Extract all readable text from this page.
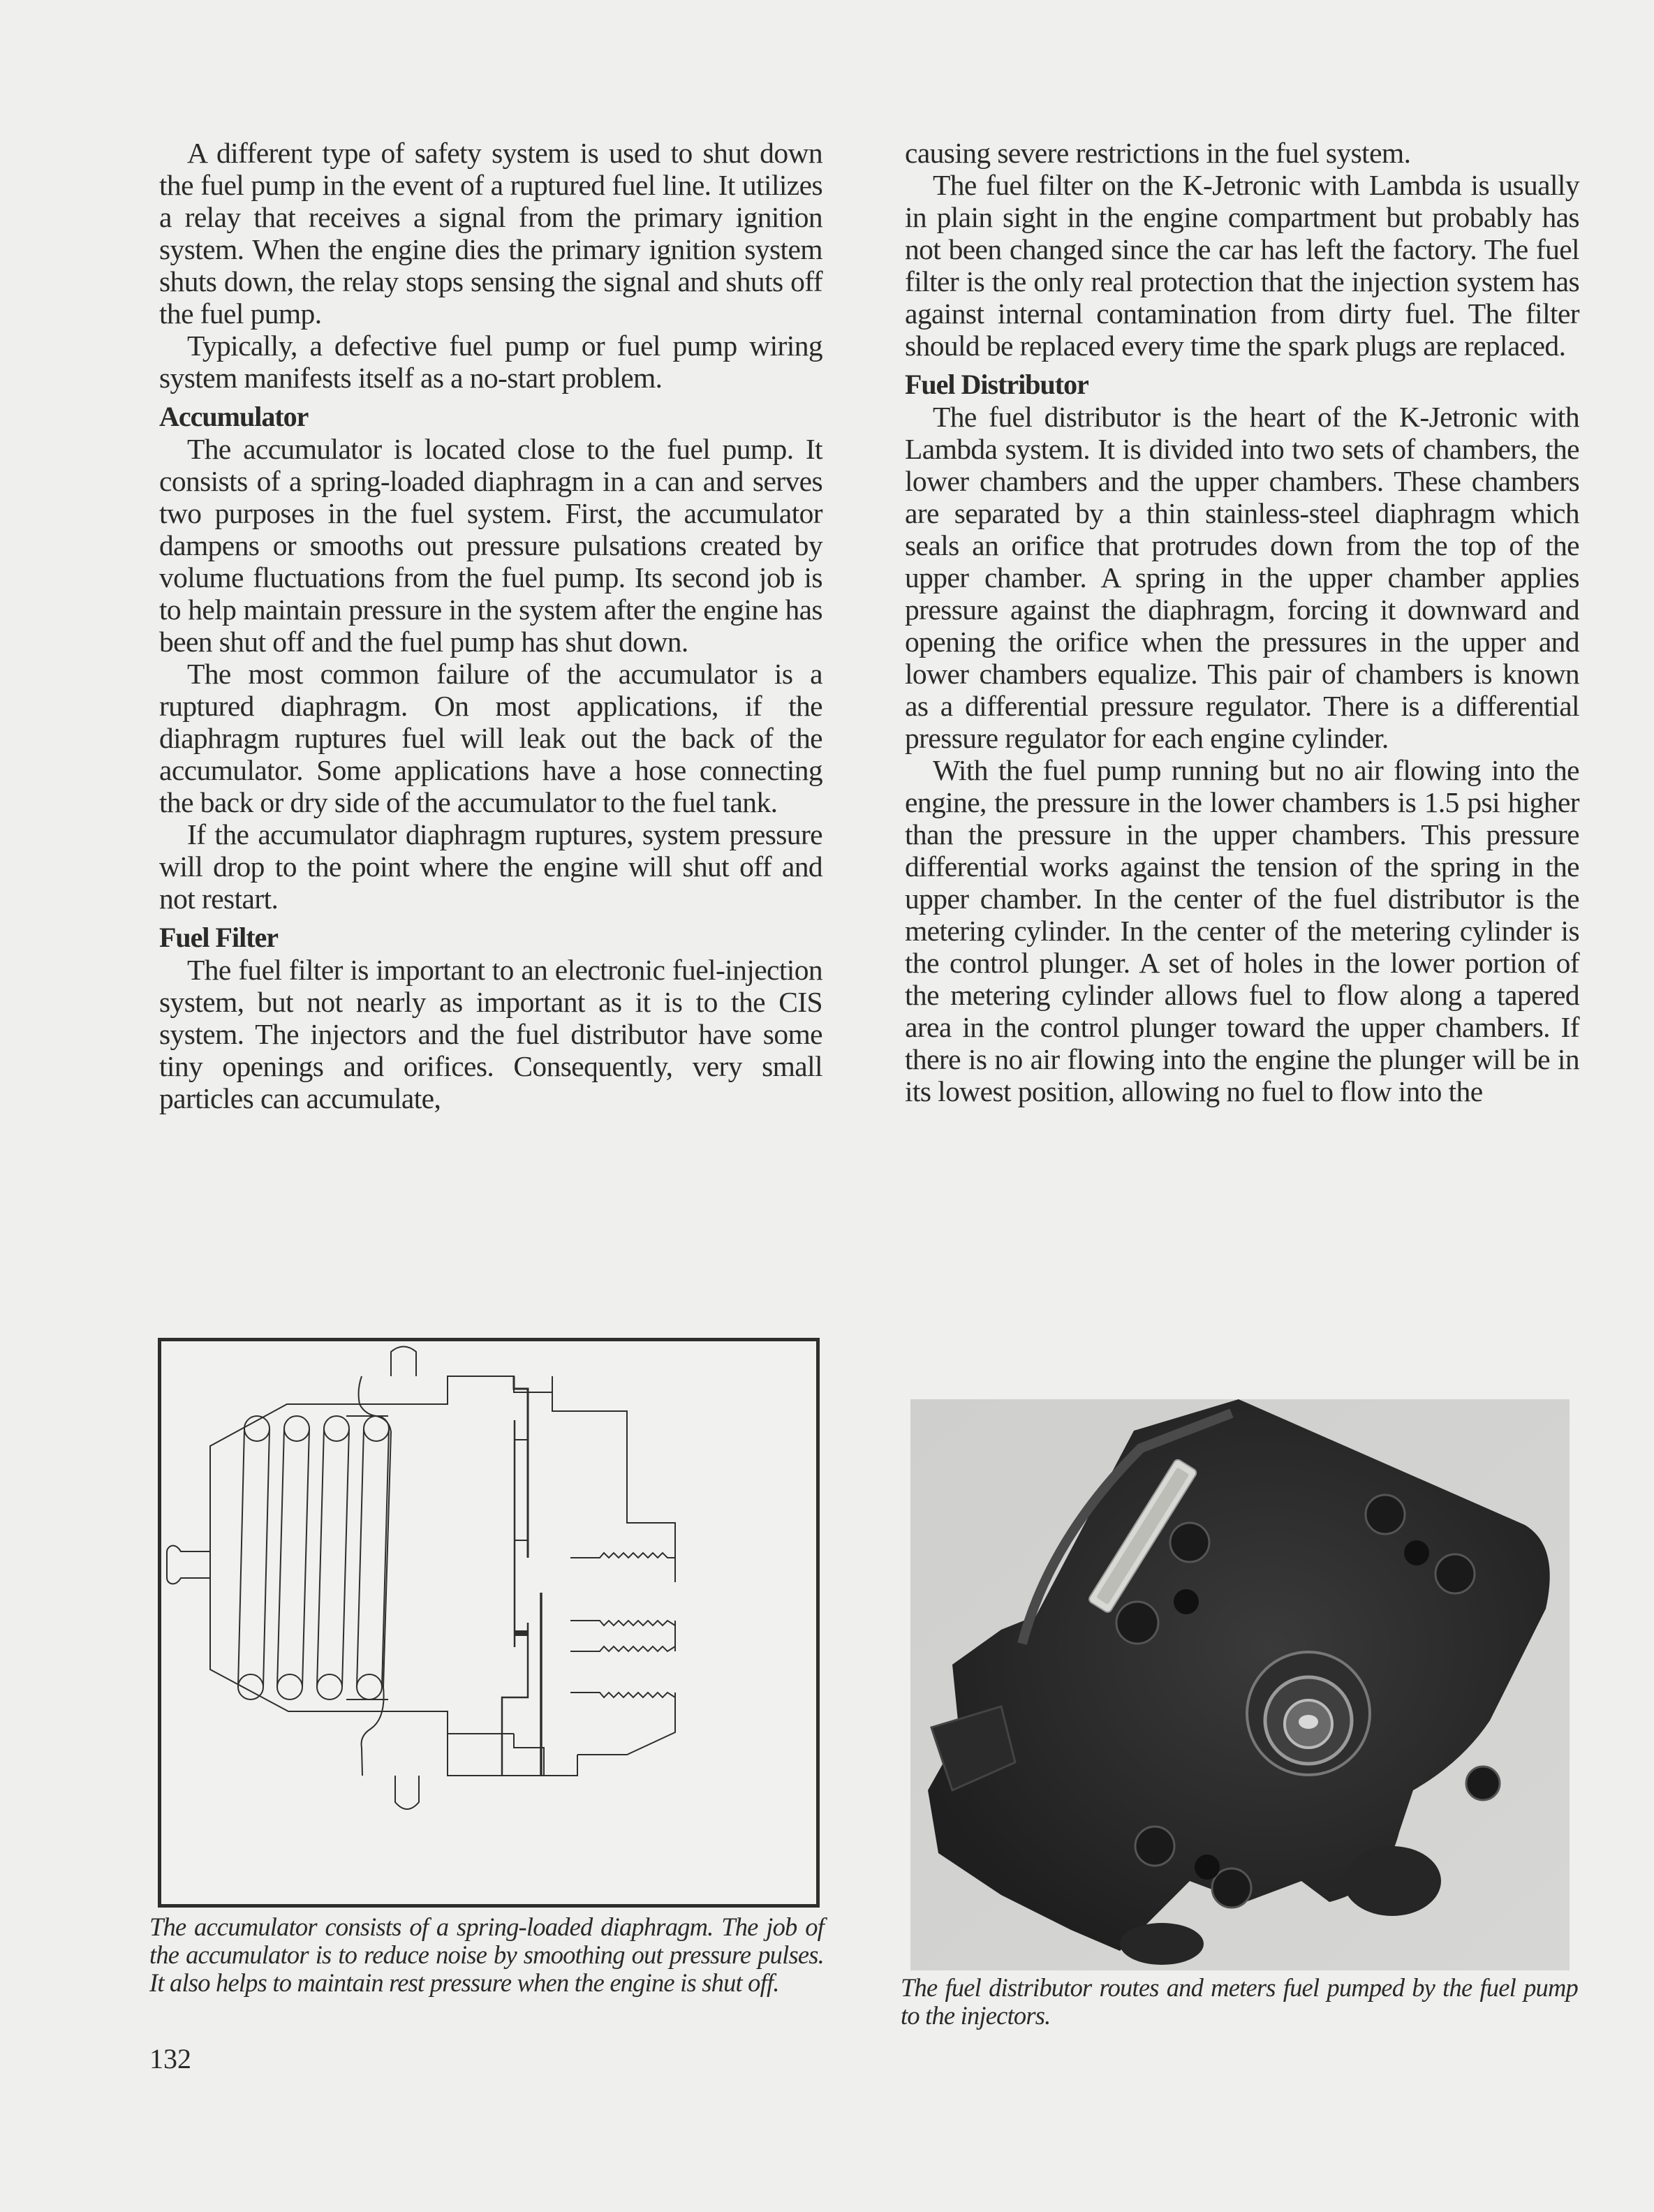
A different type of safety system is used to shut down the fuel pump in the event of a ruptured fuel line. It utilizes a relay that receives a signal from the primary ignition system. When the engine dies the primary ignition system shuts down, the relay stops sensing the signal and shuts off the fuel pump.

Typically, a defective fuel pump or fuel pump wiring system manifests itself as a no-start problem.

Accumulator

The accumulator is located close to the fuel pump. It consists of a spring-loaded diaphragm in a can and serves two purposes in the fuel system. First, the accumulator dampens or smooths out pressure pulsations created by volume fluctuations from the fuel pump. Its second job is to help maintain pressure in the system after the engine has been shut off and the fuel pump has shut down.

The most common failure of the accumulator is a ruptured diaphragm. On most applications, if the diaphragm ruptures fuel will leak out the back of the accumulator. Some applications have a hose connecting the back or dry side of the accumulator to the fuel tank.

If the accumulator diaphragm ruptures, system pressure will drop to the point where the engine will shut off and not restart.

Fuel Filter

The fuel filter is important to an electronic fuel-injection system, but not nearly as important as it is to the CIS system. The injectors and the fuel distributor have some tiny openings and orifices. Consequently, very small particles can accumulate,

causing severe restrictions in the fuel system.

The fuel filter on the K-Jetronic with Lambda is usually in plain sight in the engine compartment but probably has not been changed since the car has left the factory. The fuel filter is the only real protection that the injection system has against internal contamination from dirty fuel. The filter should be replaced every time the spark plugs are replaced.

Fuel Distributor

The fuel distributor is the heart of the K-Jetronic with Lambda system. It is divided into two sets of chambers, the lower chambers and the upper chambers. These chambers are separated by a thin stainless-steel diaphragm which seals an orifice that protrudes down from the top of the upper chamber. A spring in the upper chamber applies pressure against the diaphragm, forcing it downward and opening the orifice when the pressures in the upper and lower chambers equalize. This pair of chambers is known as a differential pressure regulator. There is a differential pressure regulator for each engine cylinder.

With the fuel pump running but no air flowing into the engine, the pressure in the lower chambers is 1.5 psi higher than the pressure in the upper chambers. This pressure differential works against the tension of the spring in the upper chamber. In the center of the fuel distributor is the metering cylinder. In the center of the metering cylinder is the control plunger. A set of holes in the lower portion of the metering cylinder allows fuel to flow along a tapered area in the control plunger toward the upper chambers. If there is no air flowing into the engine the plunger will be in its lowest position, allowing no fuel to flow into the

The accumulator consists of a spring-loaded diaphragm. The job of the accumulator is to reduce noise by smoothing out pressure pulses. It also helps to maintain rest pressure when the engine is shut off.	The fuel distributor routes and meters fuel pumped by the fuel pump to the injectors.
132
